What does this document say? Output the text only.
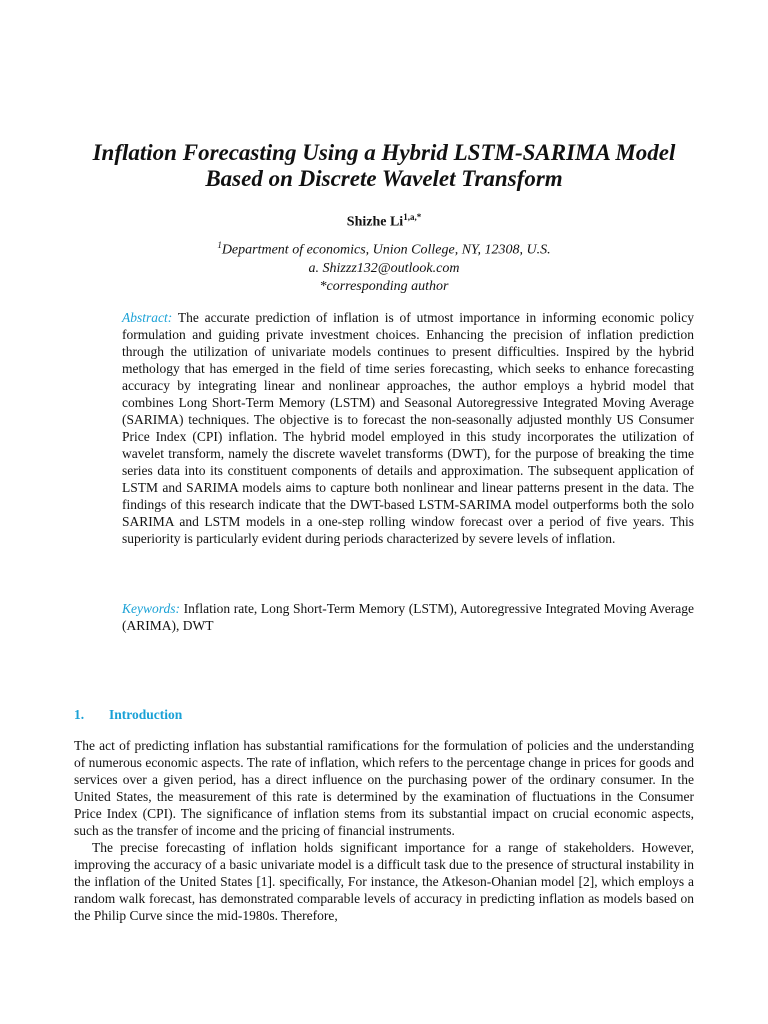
Inflation Forecasting Using a Hybrid LSTM-SARIMA Model
Based on Discrete Wavelet Transform
Shizhe $Li^{1,a,*}$
$^1$Department of economics, Union College, NY, 12308, U.S.
a. Shizzz132@outlook.com
*corresponding author

Abstract: The accurate prediction of inflation is of utmost importance in informing economic policy formulation and guiding private investment choices. Enhancing the precision of inflation prediction through the utilization of univariate models continues to present difficulties. Inspired by the hybrid methology that has emerged in the field of time series forecasting, which seeks to enhance forecasting accuracy by integrating linear and nonlinear approaches, the author employs a hybrid model that combines Long Short-Term Memory (LSTM) and Seasonal Autoregressive Integrated Moving Average (SARIMA) techniques. The objective is to forecast the non-seasonally adjusted monthly US Consumer Price Index (CPI) inflation. The hybrid model employed in this study incorporates the utilization of wavelet transform, namely the discrete wavelet transforms (DWT), for the purpose of breaking the time series data into its constituent components of details and approximation. The subsequent application of LSTM and SARIMA models aims to capture both nonlinear and linear patterns present in the data. The findings of this research indicate that the DWT-based LSTM-SARIMA model outperforms both the solo SARIMA and LSTM models in a one-step rolling window forecast over a period of five years. This superiority is particularly evident during periods characterized by severe levels of inflation.

Keywords: Inflation rate, Long Short-Term Memory (LSTM), Autoregressive Integrated Moving Average (ARIMA), DWT

1. Introduction

The act of predicting inflation has substantial ramifications for the formulation of policies and the understanding of numerous economic aspects. The rate of inflation, which refers to the percentage change in prices for goods and services over a given period, has a direct influence on the purchasing power of the ordinary consumer. In the United States, the measurement of this rate is determined by the examination of fluctuations in the Consumer Price Index (CPI). The significance of inflation stems from its substantial impact on crucial economic aspects, such as the transfer of income and the pricing of financial instruments.

The precise forecasting of inflation holds significant importance for a range of stakeholders. However, improving the accuracy of a basic univariate model is a difficult task due to the presence of structural instability in the inflation of the United States [1]. specifically, For instance, the Atkeson-Ohanian model [2], which employs a random walk forecast, has demonstrated comparable levels of accuracy in predicting inflation as models based on the Philip Curve since the mid-1980s. Therefore,
